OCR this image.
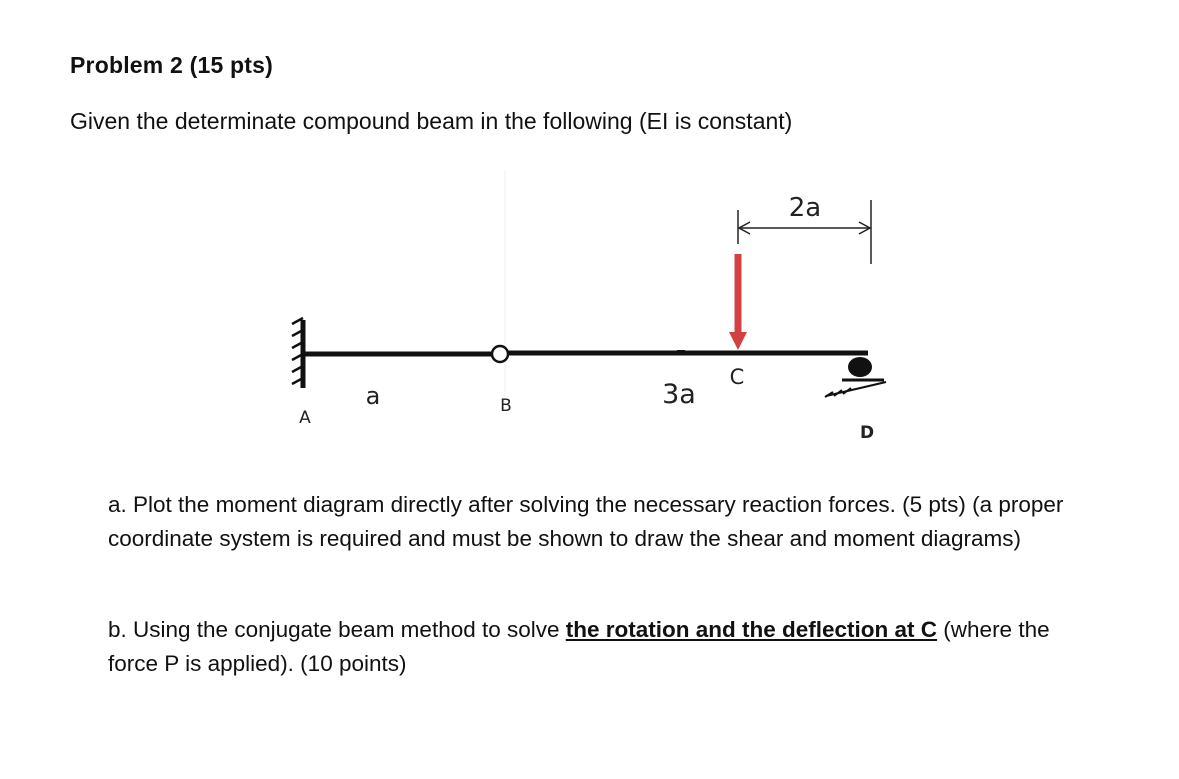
Problem 2 (15 pts)
Given the determinate compound beam in the following (EI is constant)
2a
a	3a
C
A
B
D
a. Plot the moment diagram directly after solving the necessary reaction forces. (5 pts) (a proper coordinate system is required and must be shown to draw the shear and moment diagrams)
b. Using the conjugate beam method to solve the rotation and the deflection at C (where the force P is applied). (10 points)
